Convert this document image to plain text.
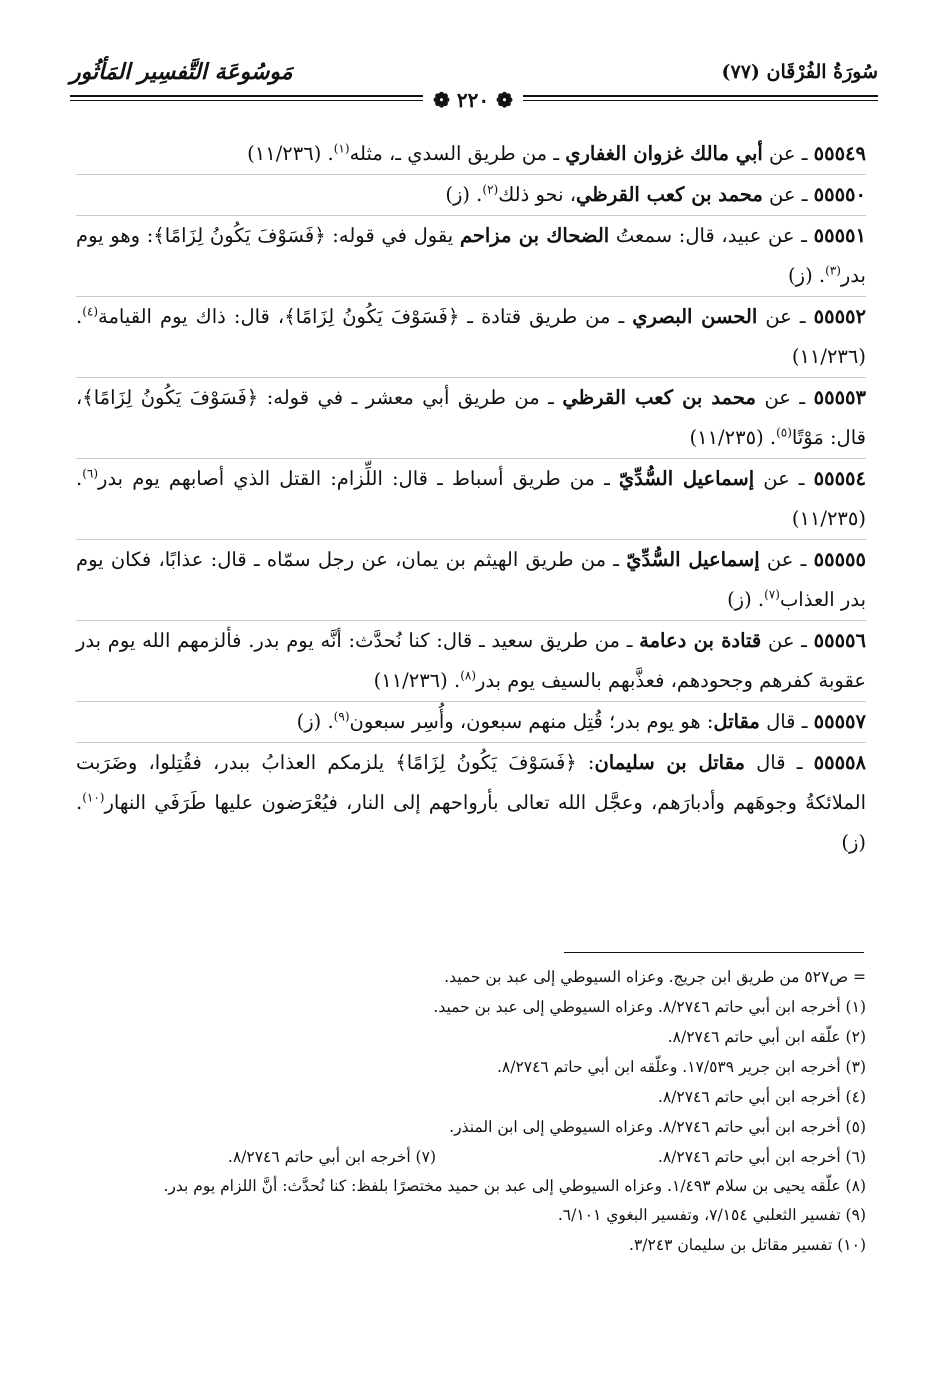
سُورَةُ الفُرْقَان (٧٧)
مَوسُوعَة التَّفسِير المَأثُور
❁ ٢٢٠ ❁
٥٥٥٤٩ ـ عن أبي مالك غزوان الغفاري ـ من طريق السدي ـ، مثله$^{(١)}$. (١١/٢٣٦)
٥٥٥٥٠ ـ عن محمد بن كعب القرظي، نحو ذلك$^{(٢)}$. (ز)
٥٥٥٥١ ـ عن عبيد، قال: سمعتُ الضحاك بن مزاحم يقول في قوله: ﴿فَسَوْفَ يَكُونُ لِزَامًا﴾: وهو يوم بدر$^{(٣)}$. (ز)
٥٥٥٥٢ ـ عن الحسن البصري ـ من طريق قتادة ـ ﴿فَسَوْفَ يَكُونُ لِزَامًا﴾، قال: ذاك يوم القيامة$^{(٤)}$. (١١/٢٣٦)
٥٥٥٥٣ ـ عن محمد بن كعب القرظي ـ من طريق أبي معشر ـ في قوله: ﴿فَسَوْفَ يَكُونُ لِزَامًا﴾، قال: مَوْتًا$^{(٥)}$. (١١/٢٣٥)
٥٥٥٥٤ ـ عن إسماعيل السُّدِّيّ ـ من طريق أسباط ـ قال: اللِّزام: القتل الذي أصابهم يوم بدر$^{(٦)}$. (١١/٢٣٥)
٥٥٥٥٥ ـ عن إسماعيل السُّدِّيّ ـ من طريق الهيثم بن يمان، عن رجل سمّاه ـ قال: عذابًا، فكان يوم بدر العذاب$^{(٧)}$. (ز)
٥٥٥٥٦ ـ عن قتادة بن دعامة ـ من طريق سعيد ـ قال: كنا نُحدَّث: أنَّه يوم بدر. فألزمهم الله يوم بدر عقوبة كفرهم وجحودهم، فعذَّبهم بالسيف يوم بدر$^{(٨)}$. (١١/٢٣٦)
٥٥٥٥٧ ـ قال مقاتل: هو يوم بدر؛ قُتِل منهم سبعون، وأُسِر سبعون$^{(٩)}$. (ز)
٥٥٥٥٨ ـ قال مقاتل بن سليمان: ﴿فَسَوْفَ يَكُونُ لِزَامًا﴾ يلزمكم العذابُ ببدر، فقُتِلوا، وضَرَبت الملائكةُ وجوهَهم وأدبارَهم، وعجَّل الله تعالى بأرواحهم إلى النار، فيُعْرَضون عليها طَرَفَي النهار$^{(١٠)}$. (ز)
= ص٥٢٧ من طريق ابن جريج. وعزاه السيوطي إلى عبد بن حميد.
(١) أخرجه ابن أبي حاتم ٨/٢٧٤٦. وعزاه السيوطي إلى عبد بن حميد.
(٢) علّقه ابن أبي حاتم ٨/٢٧٤٦.
(٣) أخرجه ابن جرير ١٧/٥٣٩. وعلّقه ابن أبي حاتم ٨/٢٧٤٦.
(٤) أخرجه ابن أبي حاتم ٨/٢٧٤٦.
(٥) أخرجه ابن أبي حاتم ٨/٢٧٤٦. وعزاه السيوطي إلى ابن المنذر.
(٦) أخرجه ابن أبي حاتم ٨/٢٧٤٦.
(٧) أخرجه ابن أبي حاتم ٨/٢٧٤٦.
(٨) علّقه يحيى بن سلام ١/٤٩٣. وعزاه السيوطي إلى عبد بن حميد مختصرًا بلفظ: كنا نُحدَّث: أنَّ اللزام يوم بدر.
(٩) تفسير الثعلبي ٧/١٥٤، وتفسير البغوي ٦/١٠١.
(١٠) تفسير مقاتل بن سليمان ٣/٢٤٣.
